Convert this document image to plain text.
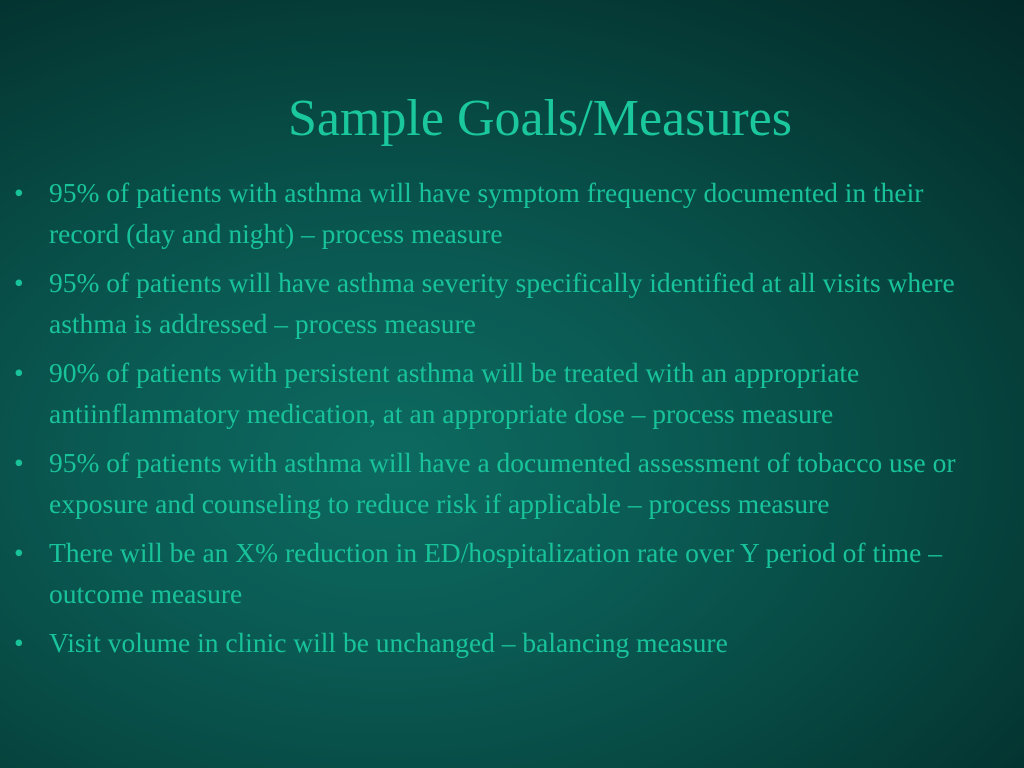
Sample Goals/Measures
• 95% of patients with asthma will have symptom frequency documented in their record (day and night) – process measure
• 95% of patients will have asthma severity specifically identified at all visits where asthma is addressed – process measure
• 90% of patients with persistent asthma will be treated with an appropriate antiinflammatory medication, at an appropriate dose – process measure
• 95% of patients with asthma will have a documented assessment of tobacco use or exposure and counseling to reduce risk if applicable – process measure
• There will be an X% reduction in ED/hospitalization rate over Y period of time – outcome measure
• Visit volume in clinic will be unchanged – balancing measure
